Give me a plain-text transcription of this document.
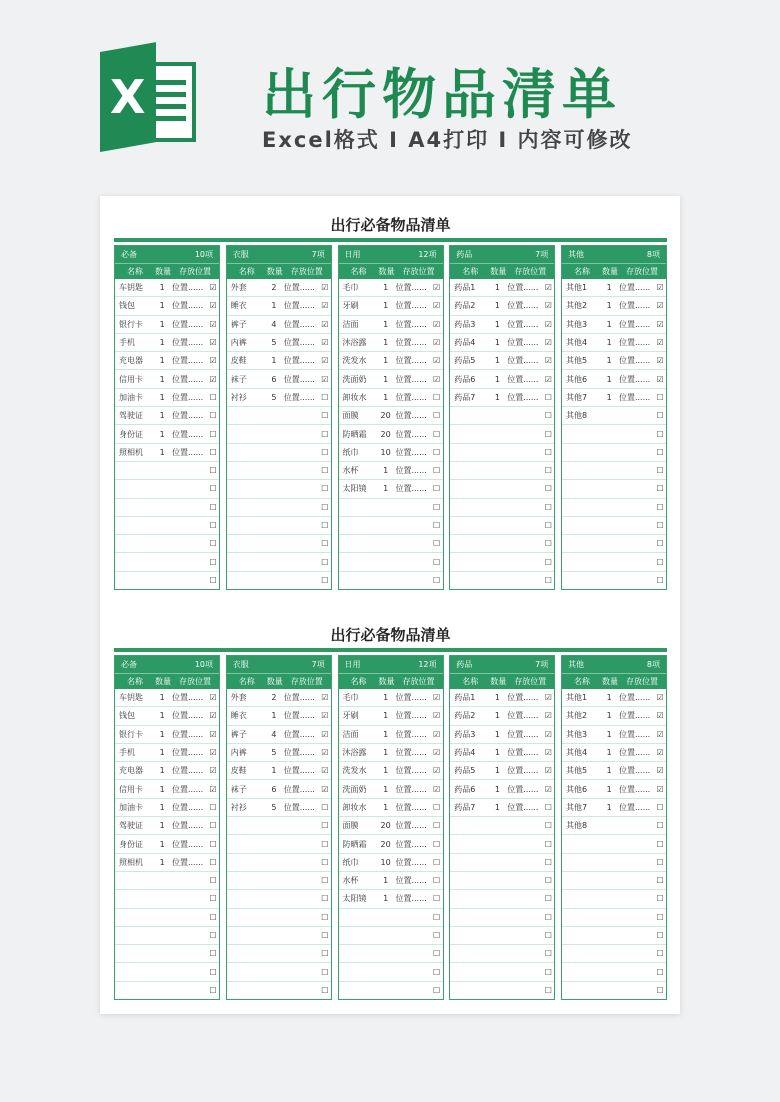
X 出行物品清单

Excel格式 I A4打印 I 内容可修改

出行必备物品清单
必备	10项
名称	数量	存放位置
车钥匙	1 位置...... ☑
钱包	1 位置...... ☑
银行卡	1 位置...... ☑
手机	1 位置...... ☑
充电器	1 位置...... ☑
信用卡	1 位置...... ☑
加油卡	1 位置...... ☐
驾驶证	1 位置...... ☐
身份证	1 位置...... ☐
照相机	1 位置...... ☐
☐
☐
☐
☐
☐
☐
☐
衣服	7项
名称	数量	存放位置
外套	2 位置...... ☑
睡衣	1 位置...... ☑
裤子	4 位置...... ☑
内裤	5 位置...... ☑
皮鞋	1 位置...... ☑
袜子	6 位置...... ☑
衬衫	5 位置...... ☐
☐
☐
☐
☐
☐
☐
☐
☐
☐
☐
日用	12项
名称	数量	存放位置
毛巾	1 位置...... ☑
牙刷	1 位置...... ☑
洁面	1 位置...... ☑
沐浴露	1 位置...... ☑
洗发水	1 位置...... ☑
洗面奶	1 位置...... ☑
卸妆水	1 位置...... ☐
面膜	20 位置...... ☐
防晒霜	20 位置...... ☐
纸巾	10 位置...... ☐
水杯	1 位置...... ☐
太阳镜	1 位置...... ☐
☐
☐
☐
☐
☐
药品	7项
名称	数量	存放位置
药品1	1 位置...... ☑
药品2	1 位置...... ☑
药品3	1 位置...... ☑
药品4	1 位置...... ☑
药品5	1 位置...... ☑
药品6	1 位置...... ☑
药品7	1 位置...... ☐
☐
☐
☐
☐
☐
☐
☐
☐
☐
☐
其他	8项
名称	数量	存放位置
其他1	1 位置...... ☑
其他2	1 位置...... ☑
其他3	1 位置...... ☑
其他4	1 位置...... ☑
其他5	1 位置...... ☑
其他6	1 位置...... ☑
其他7	1 位置...... ☐
其他8	☐
☐
☐
☐
☐
☐
☐
☐
☐
☐
出行必备物品清单
必备	10项
名称	数量	存放位置
车钥匙	1 位置...... ☑
钱包	1 位置...... ☑
银行卡	1 位置...... ☑
手机	1 位置...... ☑
充电器	1 位置...... ☑
信用卡	1 位置...... ☑
加油卡	1 位置...... ☐
驾驶证	1 位置...... ☐
身份证	1 位置...... ☐
照相机	1 位置...... ☐
☐
☐
☐
☐
☐
☐
☐
衣服	7项
名称	数量	存放位置
外套	2 位置...... ☑
睡衣	1 位置...... ☑
裤子	4 位置...... ☑
内裤	5 位置...... ☑
皮鞋	1 位置...... ☑
袜子	6 位置...... ☑
衬衫	5 位置...... ☐
☐
☐
☐
☐
☐
☐
☐
☐
☐
☐
日用	12项
名称	数量	存放位置
毛巾	1 位置...... ☑
牙刷	1 位置...... ☑
洁面	1 位置...... ☑
沐浴露	1 位置...... ☑
洗发水	1 位置...... ☑
洗面奶	1 位置...... ☑
卸妆水	1 位置...... ☐
面膜	20 位置...... ☐
防晒霜	20 位置...... ☐
纸巾	10 位置...... ☐
水杯	1 位置...... ☐
太阳镜	1 位置...... ☐
☐
☐
☐
☐
☐
药品	7项
名称	数量	存放位置
药品1	1 位置...... ☑
药品2	1 位置...... ☑
药品3	1 位置...... ☑
药品4	1 位置...... ☑
药品5	1 位置...... ☑
药品6	1 位置...... ☑
药品7	1 位置...... ☐
☐
☐
☐
☐
☐
☐
☐
☐
☐
☐
其他	8项
名称	数量	存放位置
其他1	1 位置...... ☑
其他2	1 位置...... ☑
其他3	1 位置...... ☑
其他4	1 位置...... ☑
其他5	1 位置...... ☑
其他6	1 位置...... ☑
其他7	1 位置...... ☐
其他8	☐
☐
☐
☐
☐
☐
☐
☐
☐
☐
